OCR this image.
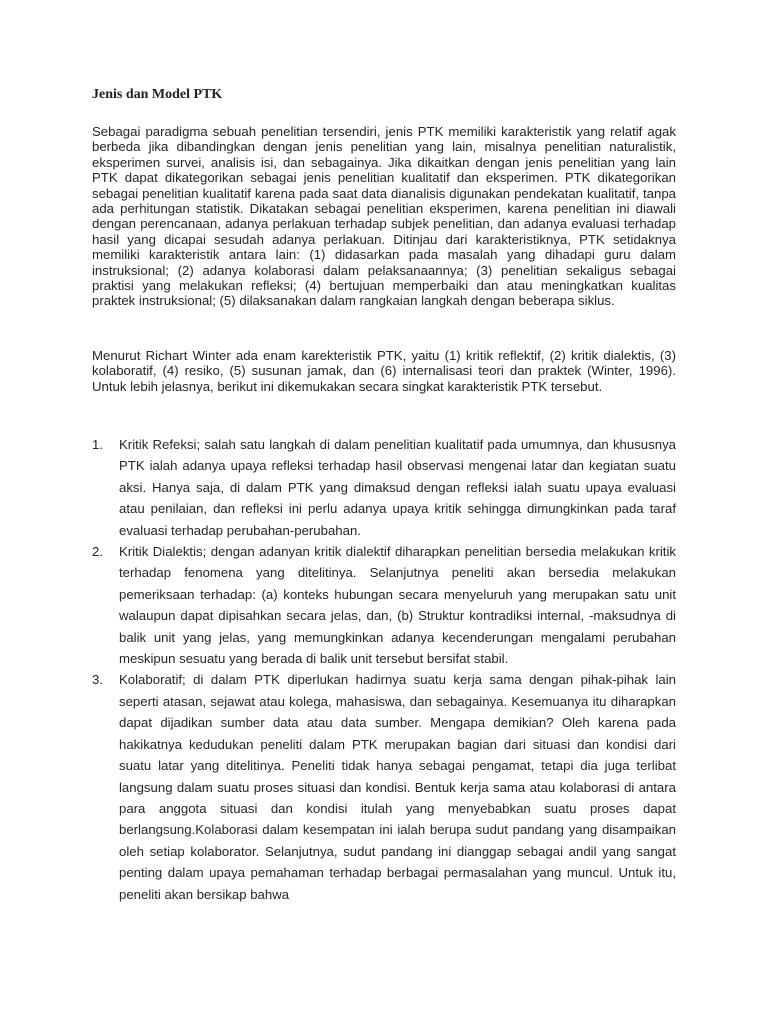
Jenis dan Model PTK

Sebagai paradigma sebuah penelitian tersendiri, jenis PTK memiliki karakteristik yang relatif agak berbeda jika dibandingkan dengan jenis penelitian yang lain, misalnya penelitian naturalistik, eksperimen survei, analisis isi, dan sebagainya. Jika dikaitkan dengan jenis penelitian yang lain PTK dapat dikategorikan sebagai jenis penelitian kualitatif dan eksperimen. PTK dikategorikan sebagai penelitian kualitatif karena pada saat data dianalisis digunakan pendekatan kualitatif, tanpa ada perhitungan statistik. Dikatakan sebagai penelitian eksperimen, karena penelitian ini diawali dengan perencanaan, adanya perlakuan terhadap subjek penelitian, dan adanya evaluasi terhadap hasil yang dicapai sesudah adanya perlakuan. Ditinjau dari karakteristiknya, PTK setidaknya memiliki karakteristik antara lain: (1) didasarkan pada masalah yang dihadapi guru dalam instruksional; (2) adanya kolaborasi dalam pelaksanaannya; (3) penelitian sekaligus sebagai praktisi yang melakukan refleksi; (4) bertujuan memperbaiki dan atau meningkatkan kualitas praktek instruksional; (5) dilaksanakan dalam rangkaian langkah dengan beberapa siklus.

Menurut Richart Winter ada enam karekteristik PTK, yaitu (1) kritik reflektif, (2) kritik dialektis, (3) kolaboratif, (4) resiko, (5) susunan jamak, dan (6) internalisasi teori dan praktek (Winter, 1996). Untuk lebih jelasnya, berikut ini dikemukakan secara singkat karakteristik PTK tersebut.

1. Kritik Refeksi; salah satu langkah di dalam penelitian kualitatif pada umumnya, dan khususnya PTK ialah adanya upaya refleksi terhadap hasil observasi mengenai latar dan kegiatan suatu aksi. Hanya saja, di dalam PTK yang dimaksud dengan refleksi ialah suatu upaya evaluasi atau penilaian, dan refleksi ini perlu adanya upaya kritik sehingga dimungkinkan pada taraf evaluasi terhadap perubahan-perubahan.
2. Kritik Dialektis; dengan adanyan kritik dialektif diharapkan penelitian bersedia melakukan kritik terhadap fenomena yang ditelitinya. Selanjutnya peneliti akan bersedia melakukan pemeriksaan terhadap: (a) konteks hubungan secara menyeluruh yang merupakan satu unit walaupun dapat dipisahkan secara jelas, dan, (b) Struktur kontradiksi internal, -maksudnya di balik unit yang jelas, yang memungkinkan adanya kecenderungan mengalami perubahan meskipun sesuatu yang berada di balik unit tersebut bersifat stabil.
3. Kolaboratif; di dalam PTK diperlukan hadirnya suatu kerja sama dengan pihak-pihak lain seperti atasan, sejawat atau kolega, mahasiswa, dan sebagainya. Kesemuanya itu diharapkan dapat dijadikan sumber data atau data sumber. Mengapa demikian? Oleh karena pada hakikatnya kedudukan peneliti dalam PTK merupakan bagian dari situasi dan kondisi dari suatu latar yang ditelitinya. Peneliti tidak hanya sebagai pengamat, tetapi dia juga terlibat langsung dalam suatu proses situasi dan kondisi. Bentuk kerja sama atau kolaborasi di antara para anggota situasi dan kondisi itulah yang menyebabkan suatu proses dapat berlangsung.Kolaborasi dalam kesempatan ini ialah berupa sudut pandang yang disampaikan oleh setiap kolaborator. Selanjutnya, sudut pandang ini dianggap sebagai andil yang sangat penting dalam upaya pemahaman terhadap berbagai permasalahan yang muncul. Untuk itu, peneliti akan bersikap bahwa
